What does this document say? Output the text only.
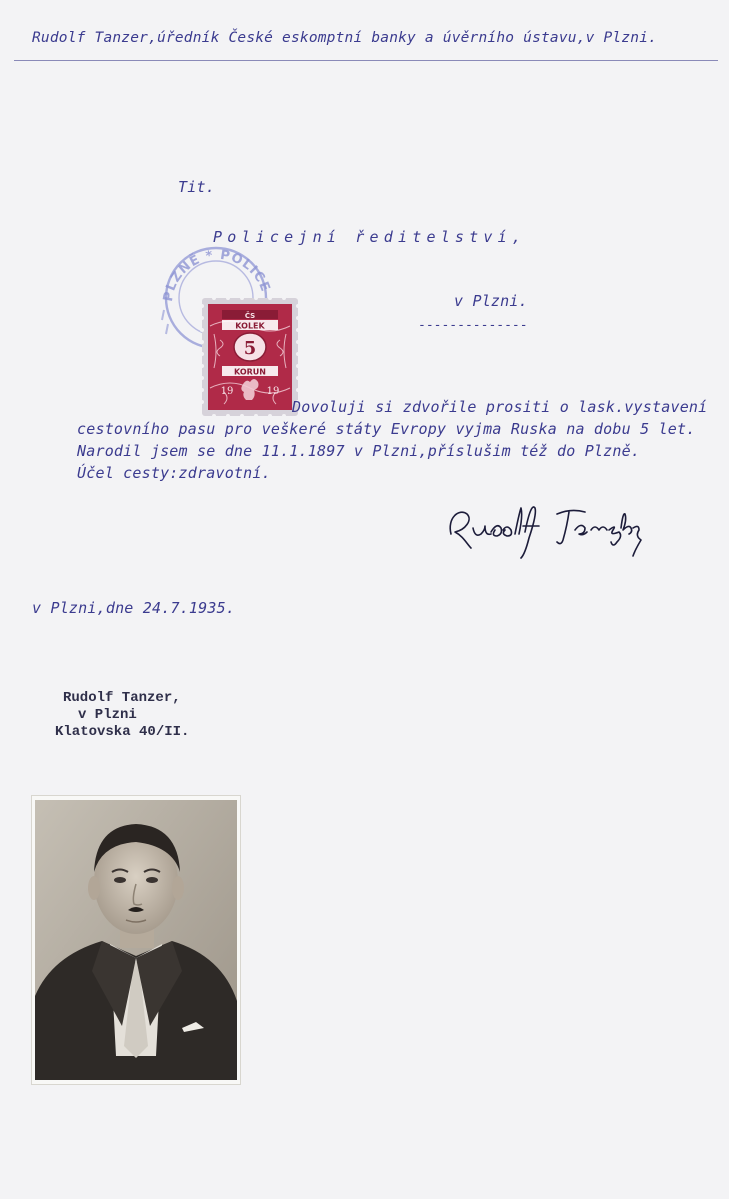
Rudolf Tanzer,úředník České eskomptní banky a úvěrního ústavu,v Plzni.
Tit.
Policejní ředitelství,
v Plzni.
--------------
PLZNĚ * POLICE
ČS
KOLEK
5
KORUN
19	19
Dovoluji si zdvořile prositi o lask.vystavení
cestovního pasu pro veškeré státy Evropy vyjma Ruska na dobu 5 let.
Narodil jsem se dne 11.1.1897 v Plzni,příslušim též do Plzně.
Účel cesty:zdravotní.
v Plzni,dne 24.7.1935.
Rudolf Tanzer,
v Plzni
Klatovska 40/II.
